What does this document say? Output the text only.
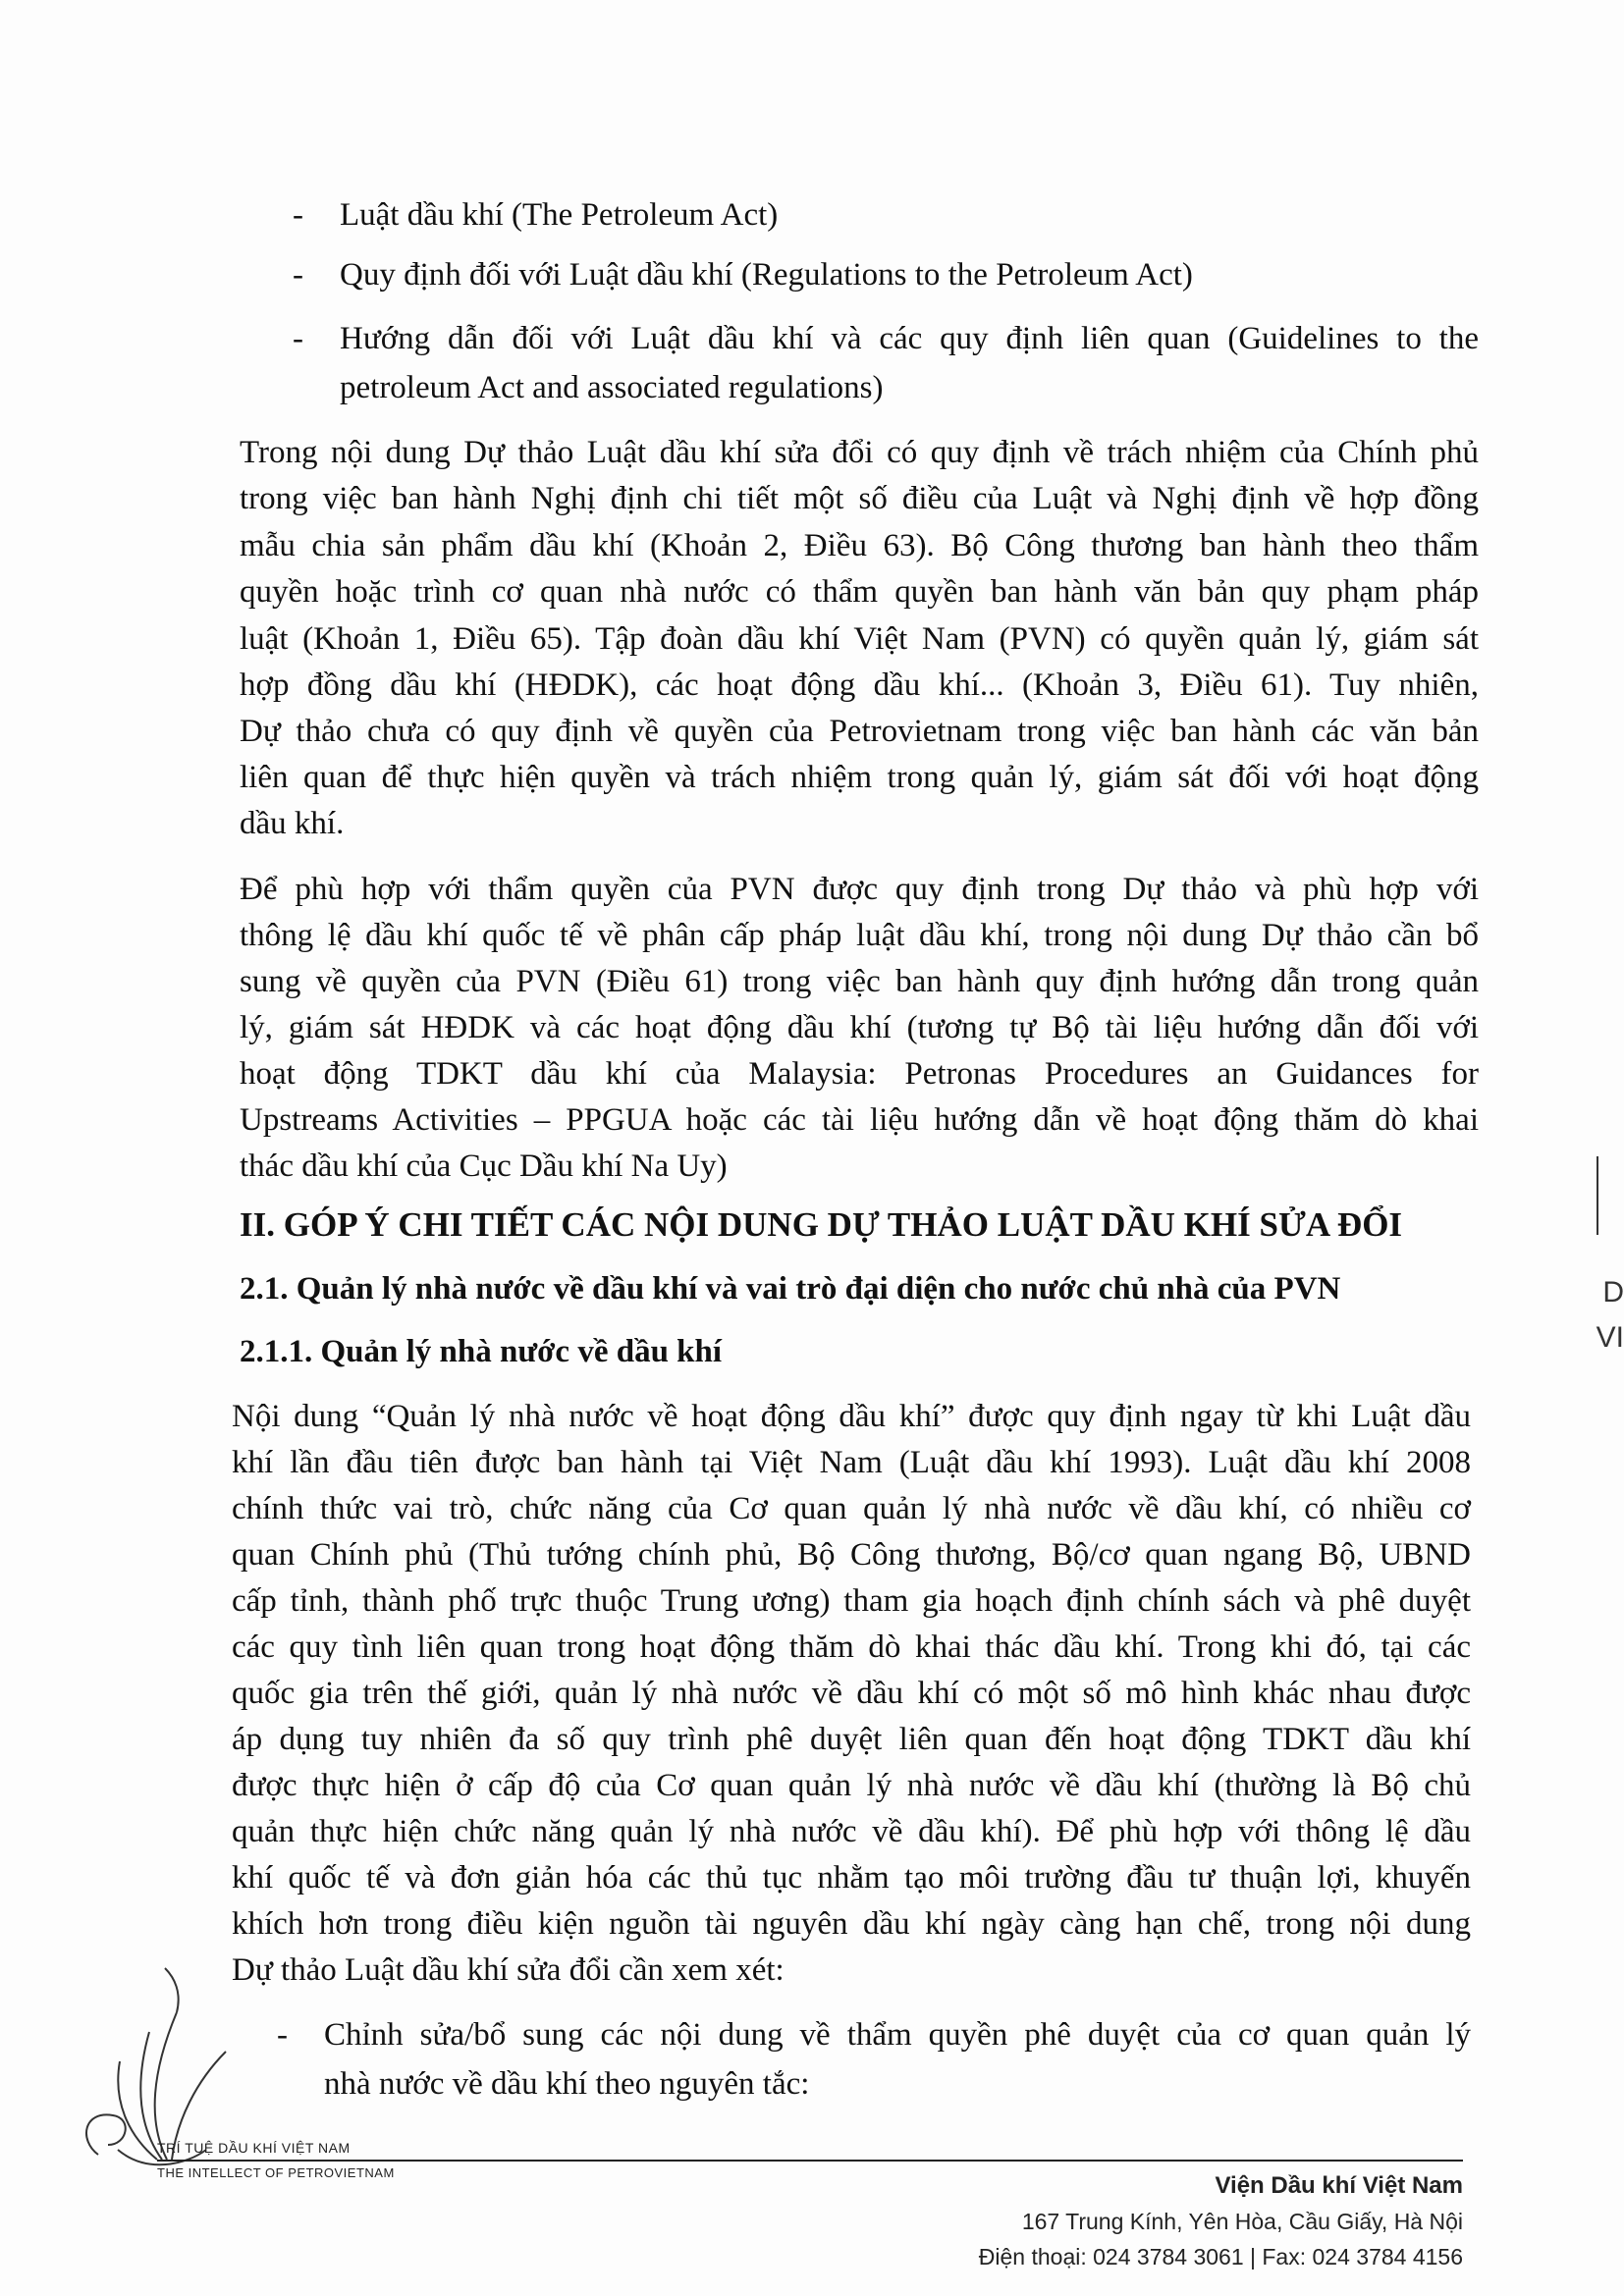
- Luật dầu khí (The Petroleum Act)
- Quy định đối với Luật dầu khí (Regulations to the Petroleum Act)
- Hướng dẫn đối với Luật dầu khí và các quy định liên quan (Guidelines to the
petroleum Act and associated regulations)
Trong nội dung Dự thảo Luật dầu khí sửa đổi có quy định về trách nhiệm của Chính phủ
trong việc ban hành Nghị định chi tiết một số điều của Luật và Nghị định về hợp đồng
mẫu chia sản phẩm dầu khí (Khoản 2, Điều 63). Bộ Công thương ban hành theo thẩm
quyền hoặc trình cơ quan nhà nước có thẩm quyền ban hành văn bản quy phạm pháp
luật (Khoản 1, Điều 65). Tập đoàn dầu khí Việt Nam (PVN) có quyền quản lý, giám sát
hợp đồng dầu khí (HĐDK), các hoạt động dầu khí... (Khoản 3, Điều 61). Tuy nhiên,
Dự thảo chưa có quy định về quyền của Petrovietnam trong việc ban hành các văn bản
liên quan để thực hiện quyền và trách nhiệm trong quản lý, giám sát đối với hoạt động
dầu khí.
Để phù hợp với thẩm quyền của PVN được quy định trong Dự thảo và phù hợp với
thông lệ dầu khí quốc tế về phân cấp pháp luật dầu khí, trong nội dung Dự thảo cần bổ
sung về quyền của PVN (Điều 61) trong việc ban hành quy định hướng dẫn trong quản
lý, giám sát HĐDK và các hoạt động dầu khí (tương tự Bộ tài liệu hướng dẫn đối với
hoạt động TDKT dầu khí của Malaysia: Petronas Procedures an Guidances for
Upstreams Activities – PPGUA hoặc các tài liệu hướng dẫn về hoạt động thăm dò khai
thác dầu khí của Cục Dầu khí Na Uy)
II. GÓP Ý CHI TIẾT CÁC NỘI DUNG DỰ THẢO LUẬT DẦU KHÍ SỬA ĐỔI
2.1. Quản lý nhà nước về dầu khí và vai trò đại diện cho nước chủ nhà của PVN
2.1.1. Quản lý nhà nước về dầu khí
Nội dung “Quản lý nhà nước về hoạt động dầu khí” được quy định ngay từ khi Luật dầu
khí lần đầu tiên được ban hành tại Việt Nam (Luật dầu khí 1993). Luật dầu khí 2008
chính thức vai trò, chức năng của Cơ quan quản lý nhà nước về dầu khí, có nhiều cơ
quan Chính phủ (Thủ tướng chính phủ, Bộ Công thương, Bộ/cơ quan ngang Bộ, UBND
cấp tỉnh, thành phố trực thuộc Trung ương) tham gia hoạch định chính sách và phê duyệt
các quy tình liên quan trong hoạt động thăm dò khai thác dầu khí. Trong khi đó, tại các
quốc gia trên thế giới, quản lý nhà nước về dầu khí có một số mô hình khác nhau được
áp dụng tuy nhiên đa số quy trình phê duyệt liên quan đến hoạt động TDKT dầu khí
được thực hiện ở cấp độ của Cơ quan quản lý nhà nước về dầu khí (thường là Bộ chủ
quản thực hiện chức năng quản lý nhà nước về dầu khí). Để phù hợp với thông lệ dầu
khí quốc tế và đơn giản hóa các thủ tục nhằm tạo môi trường đầu tư thuận lợi, khuyến
khích hơn trong điều kiện nguồn tài nguyên dầu khí ngày càng hạn chế, trong nội dung
Dự thảo Luật dầu khí sửa đổi cần xem xét:
- Chỉnh sửa/bổ sung các nội dung về thẩm quyền phê duyệt của cơ quan quản lý
nhà nước về dầu khí theo nguyên tắc:
D
VI
TRÍ TUỆ DẦU KHÍ VIỆT NAM
THE INTELLECT OF PETROVIETNAM	Viện Dầu khí Việt Nam
167 Trung Kính, Yên Hòa, Cầu Giấy, Hà Nội
Điện thoại: 024 3784 3061 | Fax: 024 3784 4156
